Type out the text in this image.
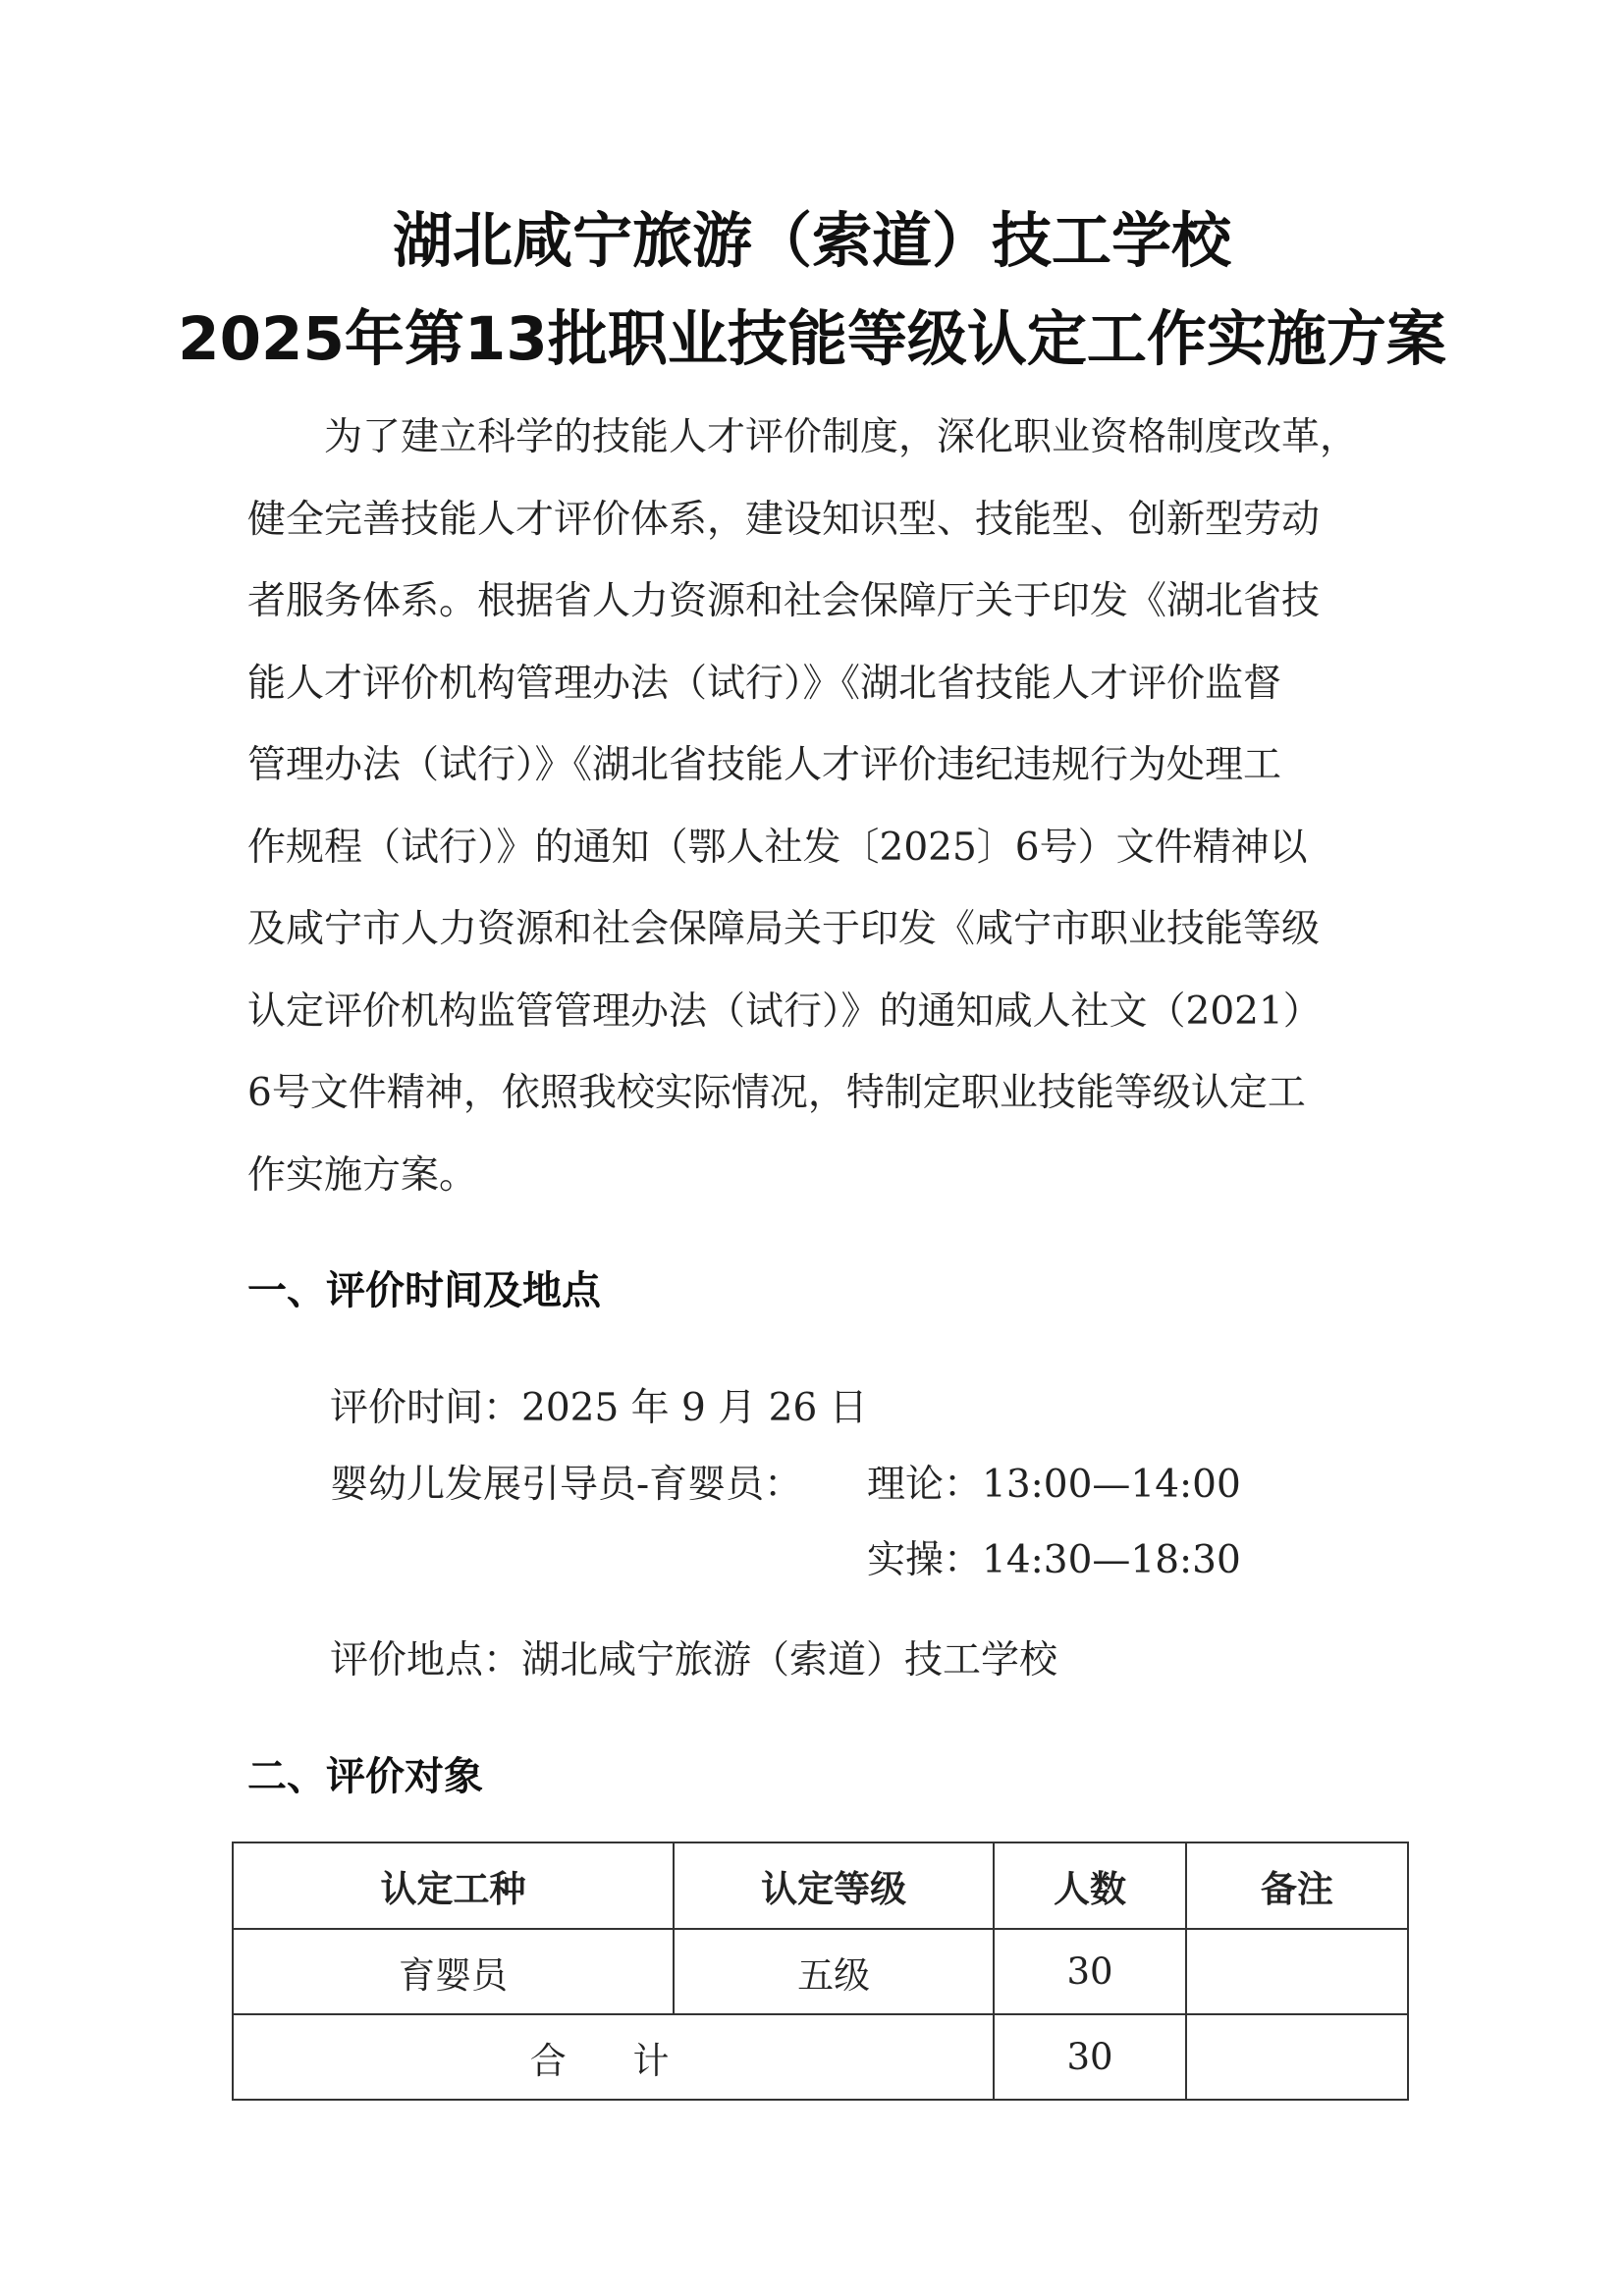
湖北咸宁旅游（索道）技工学校
2025年第13批职业技能等级认定工作实施方案
为了建立科学的技能人才评价制度，深化职业资格制度改革，
健全完善技能人才评价体系，建设知识型、技能型、创新型劳动
者服务体系。根据省人力资源和社会保障厅关于印发《湖北省技
能人才评价机构管理办法（试行）》《湖北省技能人才评价监督
管理办法（试行）》《湖北省技能人才评价违纪违规行为处理工
作规程（试行）》的通知（鄂人社发〔2025〕6号）文件精神以
及咸宁市人力资源和社会保障局关于印发《咸宁市职业技能等级
认定评价机构监管管理办法（试行）》的通知咸人社文（2021）
6号文件精神，依照我校实际情况，特制定职业技能等级认定工
作实施方案。
一、评价时间及地点
评价时间：2025 年 9 月 26 日
婴幼儿发展引导员-育婴员： 理论：13:00—14:00
实操：14:30—18:30
评价地点：湖北咸宁旅游（索道）技工学校
二、评价对象
认定工种	认定等级	人数	备注
育婴员	五级	30	
合 计		30	
